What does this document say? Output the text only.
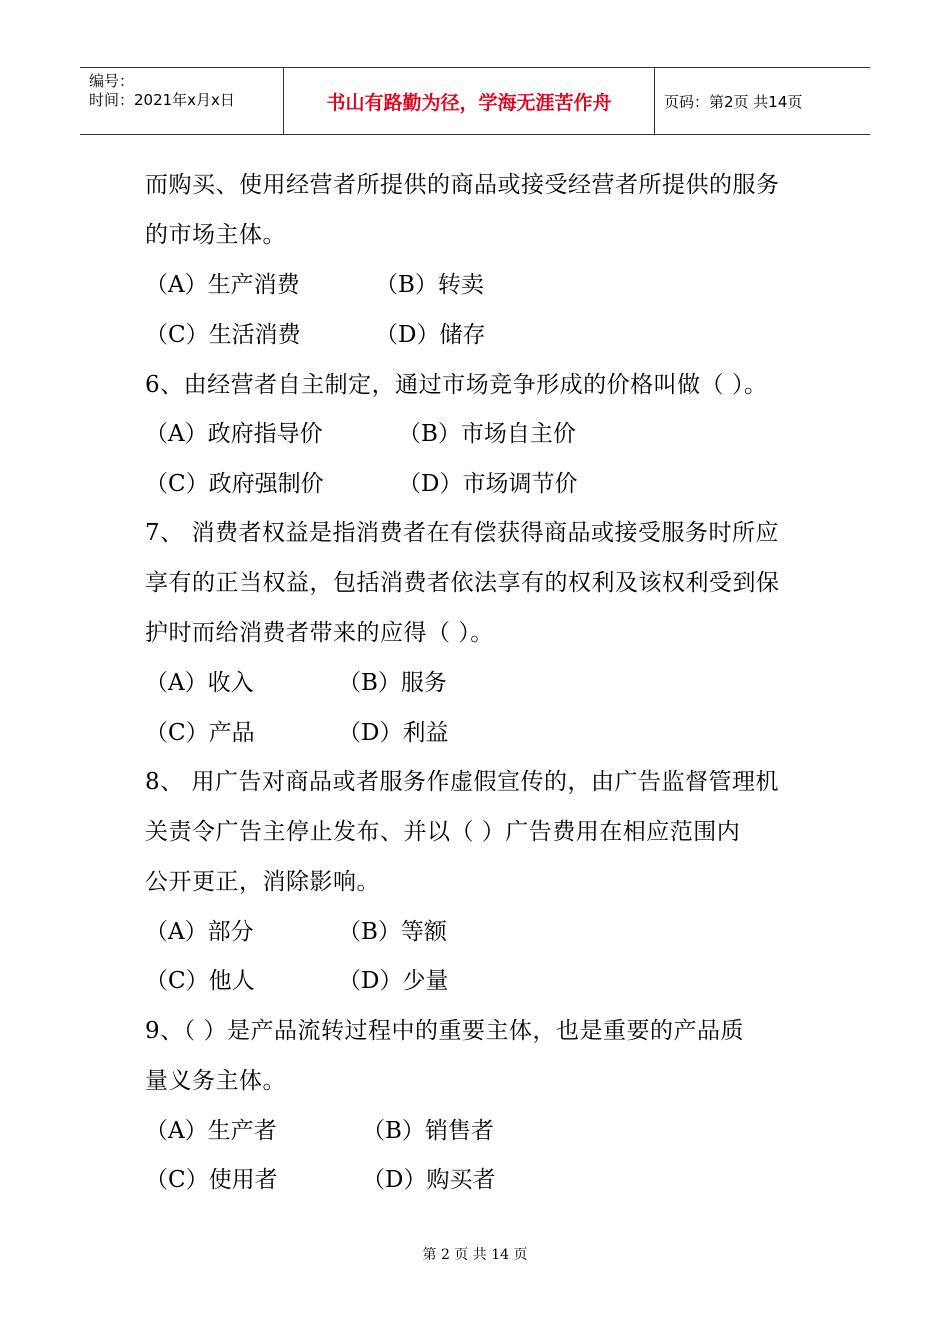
编号：
时间：2021年x月x日	书山有路勤为径，学海无涯苦作舟	页码：第2页 共14页
而购买、使用经营者所提供的商品或接受经营者所提供的服务
的市场主体。
（A）生产消费	（B）转卖
（C）生活消费	（D）储存
6、由经营者自主制定，通过市场竞争形成的价格叫做（ ）。
（A）政府指导价	（B）市场自主价
（C）政府强制价	（D）市场调节价
7、 消费者权益是指消费者在有偿获得商品或接受服务时所应
享有的正当权益，包括消费者依法享有的权利及该权利受到保
护时而给消费者带来的应得（ ）。
（A）收入	（B）服务
（C）产品	（D）利益
8、 用广告对商品或者服务作虚假宣传的，由广告监督管理机
关责令广告主停止发布、并以（ ）广告费用在相应范围内
公开更正，消除影响。
（A）部分	（B）等额
（C）他人	（D）少量
9、（ ）是产品流转过程中的重要主体，也是重要的产品质
量义务主体。
（A）生产者	（B）销售者
（C）使用者	（D）购买者
第 2 页 共 14 页
